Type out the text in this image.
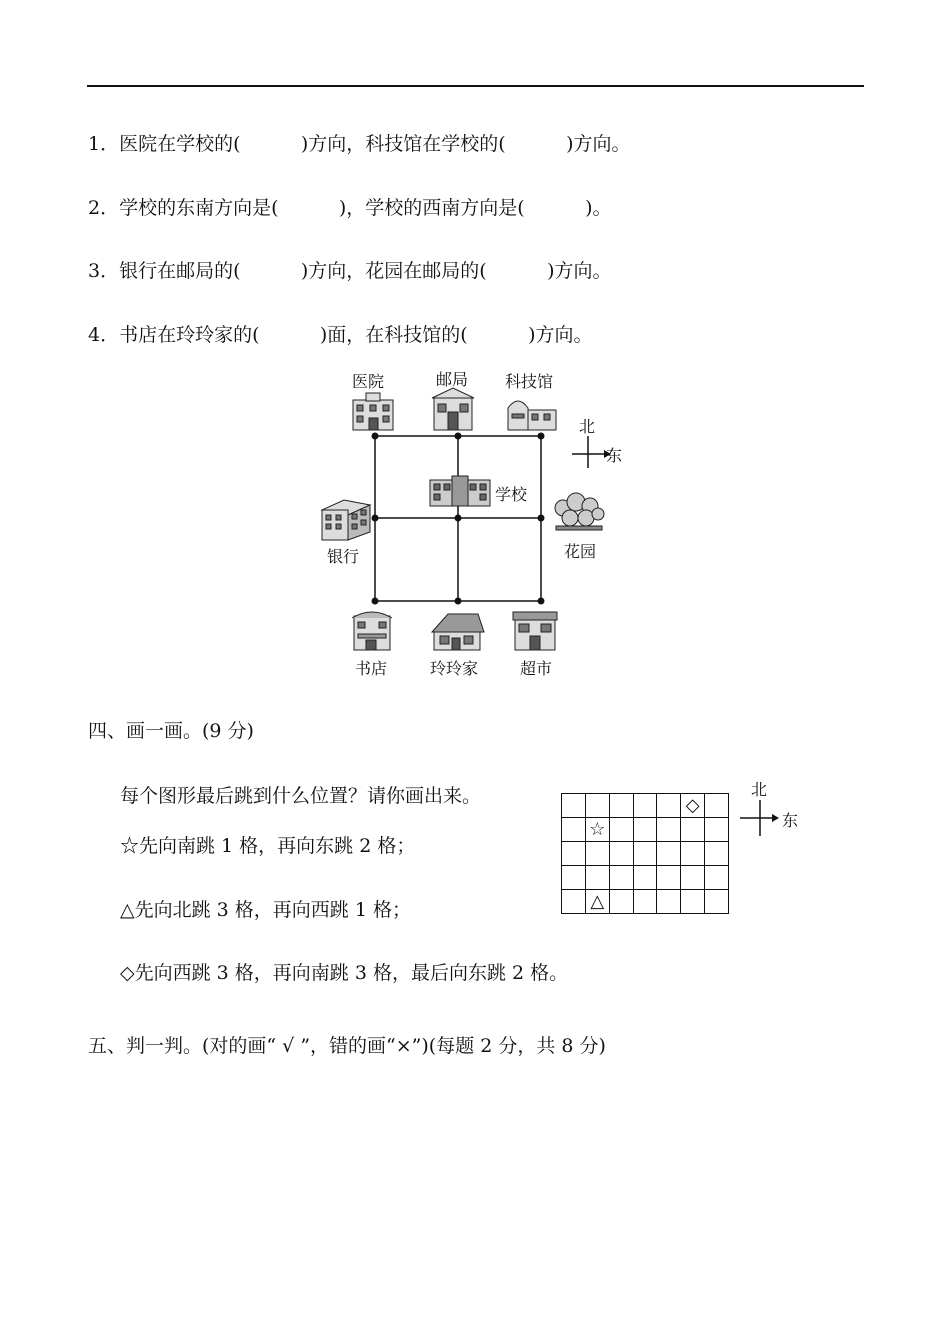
1．医院在学校的(          )方向，科技馆在学校的(          )方向。
2．学校的东南方向是(          )，学校的西南方向是(          )。
3．银行在邮局的(          )方向，花园在邮局的(          )方向。
4．书店在玲玲家的(          )面，在科技馆的(          )方向。
医院	邮局 科技馆
学校
银行	花园
书店	玲玲家	超市
北
东
四、画一画。(9 分)
每个图形最后跳到什么位置？请你画出来。
☆先向南跳 1 格，再向东跳 2 格；
△先向北跳 3 格，再向西跳 1 格；
◇先向西跳 3 格，再向南跳 3 格，最后向东跳 2 格。
◇
☆
△
北
东
五、判一判。(对的画“ √ ”，错的画“×”)(每题 2 分，共 8 分)
